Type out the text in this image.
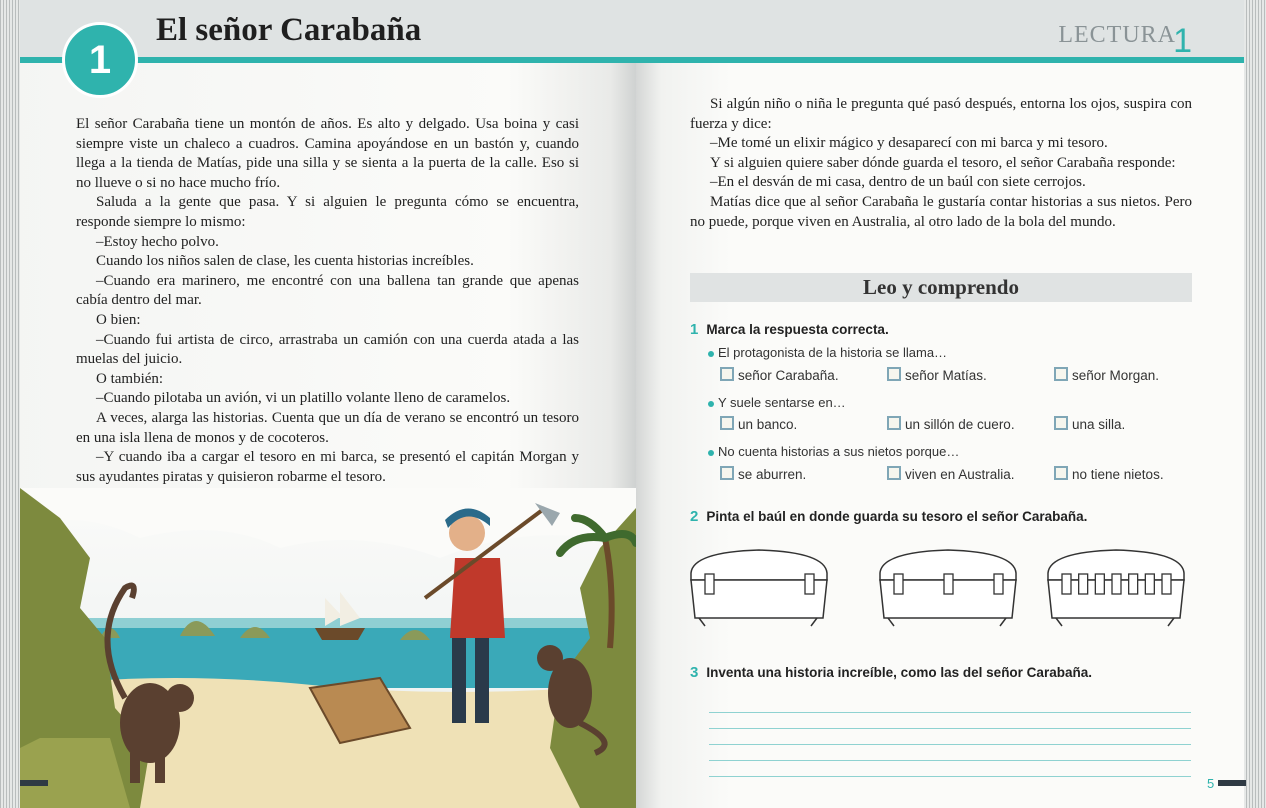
1
El señor Carabaña

El señor Carabaña tiene un montón de años. Es alto y delgado. Usa boina y casi siempre viste un chaleco a cuadros. Camina apoyándose en un bastón y, cuando llega a la tienda de Matías, pide una silla y se sienta a la puerta de la calle. Eso si no llueve o si no hace mucho frío.

Saluda a la gente que pasa. Y si alguien le pregunta cómo se encuentra, responde siempre lo mismo:

–Estoy hecho polvo.

Cuando los niños salen de clase, les cuenta historias increíbles.

–Cuando era marinero, me encontré con una ballena tan grande que apenas cabía dentro del mar.

O bien:

–Cuando fui artista de circo, arrastraba un camión con una cuerda atada a las muelas del juicio.

O también:

–Cuando pilotaba un avión, vi un platillo volante lleno de caramelos.

A veces, alarga las historias. Cuenta que un día de verano se encontró un tesoro en una isla llena de monos y de cocoteros.

–Y cuando iba a cargar el tesoro en mi barca, se presentó el capitán Morgan y sus ayudantes piratas y quisieron robarme el tesoro.

LECTURA
1

Si algún niño o niña le pregunta qué pasó después, entorna los ojos, suspira con fuerza y dice:

–Me tomé un elixir mágico y desaparecí con mi barca y mi tesoro.

Y si alguien quiere saber dónde guarda el tesoro, el señor Carabaña responde:

–En el desván de mi casa, dentro de un baúl con siete cerrojos.

Matías dice que al señor Carabaña le gustaría contar historias a sus nietos. Pero no puede, porque viven en Australia, al otro lado de la bola del mundo.

Leo y comprendo
1 Marca la respuesta correcta.
El protagonista de la historia se llama…
señor Carabaña.	señor Matías.	señor Morgan.
Y suele sentarse en…
un banco.	un sillón de cuero.	una silla.
No cuenta historias a sus nietos porque…
se aburren.	viven en Australia.	no tiene nietos.
2 Pinta el baúl en donde guarda su tesoro el señor Carabaña.
3 Inventa una historia increíble, como las del señor Carabaña.
5
